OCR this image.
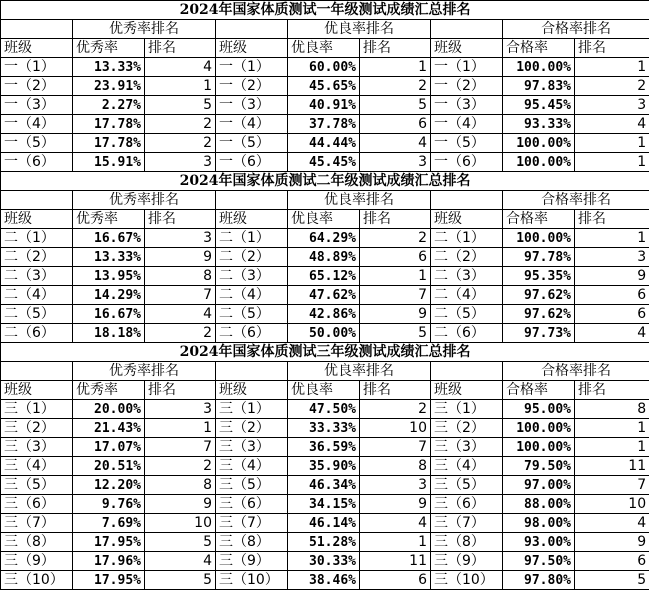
2024年国家体质测试一年级测试成绩汇总排名								
	优秀率排名			优良率排名			合格率排名	
班级	优秀率	排名	班级	优良率	排名	班级	合格率	排名
一（1）	13.33%	4	一（1）	60.00%	1	一（1）	100.00%	1
一（2）	23.91%	1	一（2）	45.65%	2	一（2）	97.83%	2
一（3）	2.27%	5	一（3）	40.91%	5	一（3）	95.45%	3
一（4）	17.78%	2	一（4）	37.78%	6	一（4）	93.33%	4
一（5）	17.78%	2	一（5）	44.44%	4	一（5）	100.00%	1
一（6）	15.91%	3	一（6）	45.45%	3	一（6）	100.00%	1
2024年国家体质测试二年级测试成绩汇总排名								
	优秀率排名			优良率排名			合格率排名	
班级	优秀率	排名	班级	优良率	排名	班级	合格率	排名
二（1）	16.67%	3	二（1）	64.29%	2	二（1）	100.00%	1
二（2）	13.33%	9	二（2）	48.89%	6	二（2）	97.78%	3
二（3）	13.95%	8	二（3）	65.12%	1	二（3）	95.35%	9
二（4）	14.29%	7	二（4）	47.62%	7	二（4）	97.62%	6
二（5）	16.67%	4	二（5）	42.86%	9	二（5）	97.62%	6
二（6）	18.18%	2	二（6）	50.00%	5	二（6）	97.73%	4
2024年国家体质测试三年级测试成绩汇总排名								
	优秀率排名			优良率排名			合格率排名	
班级	优秀率	排名	班级	优良率	排名	班级	合格率	排名
三（1）	20.00%	3	三（1）	47.50%	2	三（1）	95.00%	8
三（2）	21.43%	1	三（2）	33.33%	10	三（2）	100.00%	1
三（3）	17.07%	7	三（3）	36.59%	7	三（3）	100.00%	1
三（4）	20.51%	2	三（4）	35.90%	8	三（4）	79.50%	11
三（5）	12.20%	8	三（5）	46.34%	3	三（5）	97.00%	7
三（6）	9.76%	9	三（6）	34.15%	9	三（6）	88.00%	10
三（7）	7.69%	10	三（7）	46.14%	4	三（7）	98.00%	4
三（8）	17.95%	5	三（8）	51.28%	1	三（8）	93.00%	9
三（9）	17.96%	4	三（9）	30.33%	11	三（9）	97.50%	6
三（10）	17.95%	5	三（10）	38.46%	6	三（10）	97.80%	5
